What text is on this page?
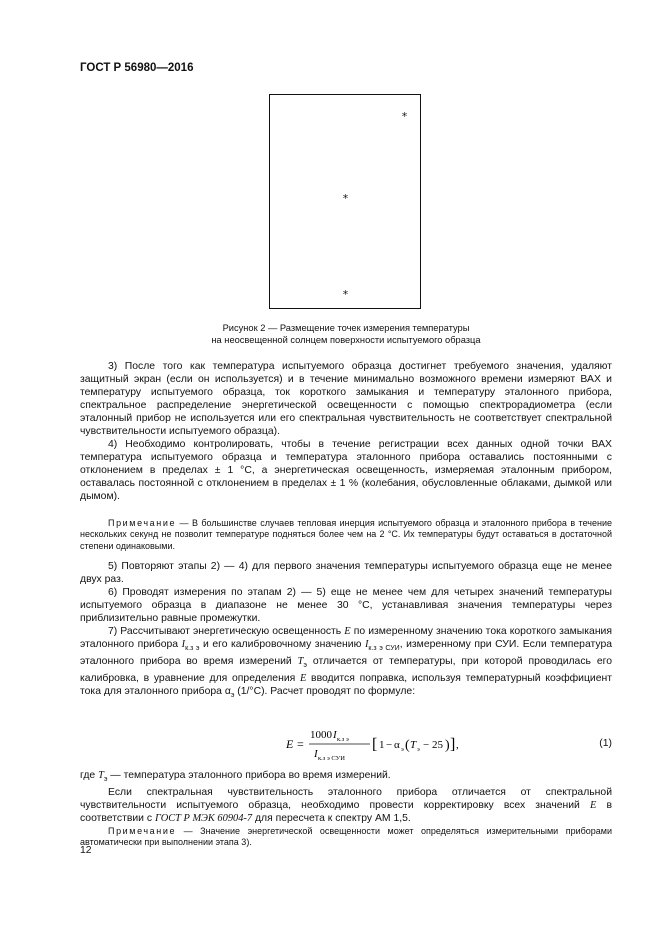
ГОСТ Р 56980—2016
*
*
*
Рисунок 2 — Размещение точек измерения температуры
на неосвещенной солнцем поверхности испытуемого образца

3) После того как температура испытуемого образца достигнет требуемого значения, удаляют защитный экран (если он используется) и в течение минимально возможного времени измеряют ВАХ и температуру испытуемого образца, ток короткого замыкания и температуру эталонного прибора, спектральное распределение энергетической освещенности с помощью спектрорадиометра (если эталонный прибор не используется или его спектральная чувствительность не соответствует спектральной чувствительности испытуемого образца).

4) Необходимо контролировать, чтобы в течение регистрации всех данных одной точки ВАХ температура испытуемого образца и температура эталонного прибора оставались постоянными с отклонением в пределах ± 1 °C, а энергетическая освещенность, измеряемая эталонным прибором, оставалась постоянной с отклонением в пределах ± 1 % (колебания, обусловленные облаками, дымкой или дымом).

Примечание — В большинстве случаев тепловая инерция испытуемого образца и эталонного прибора в течение нескольких секунд не позволит температуре подняться более чем на 2 °C. Их температуры будут оставаться в достаточной степени одинаковыми.

5) Повторяют этапы 2) — 4) для первого значения температуры испытуемого образца еще не менее двух раз.

6) Проводят измерения по этапам 2) — 5) еще не менее чем для четырех значений температуры испытуемого образца в диапазоне не менее 30 °C, устанавливая значения температуры через приблизительно равные промежутки.

7) Рассчитывают энергетическую освещенность E по измеренному значению тока короткого замыкания эталонного прибора $I_{к.з э}$ и его калибровочному значению $I_{к.з э СУИ}$, измеренному при СУИ. Если температура эталонного прибора во время измерений $T_э$ отличается от температуры, при которой проводилась его калибровка, в уравнение для определения E вводится поправка, используя температурный коэффициент тока для эталонного прибора $\alpha_э$ (1/°C). Расчет проводят по формуле:

E =
1000 I к.з э
I к.з э СУИ
[ 1 − α э ( T э − 25 ) ] ,	(1)
где $T_э$ — температура эталонного прибора во время измерений.

Если спектральная чувствительность эталонного прибора отличается от спектральной чувствительности испытуемого образца, необходимо провести корректировку всех значений E в соответствии с ГОСТ Р МЭК 60904-7 для пересчета к спектру АМ 1,5.

Примечание — Значение энергетической освещенности может определяться измерительными приборами автоматически при выполнении этапа 3).

12
